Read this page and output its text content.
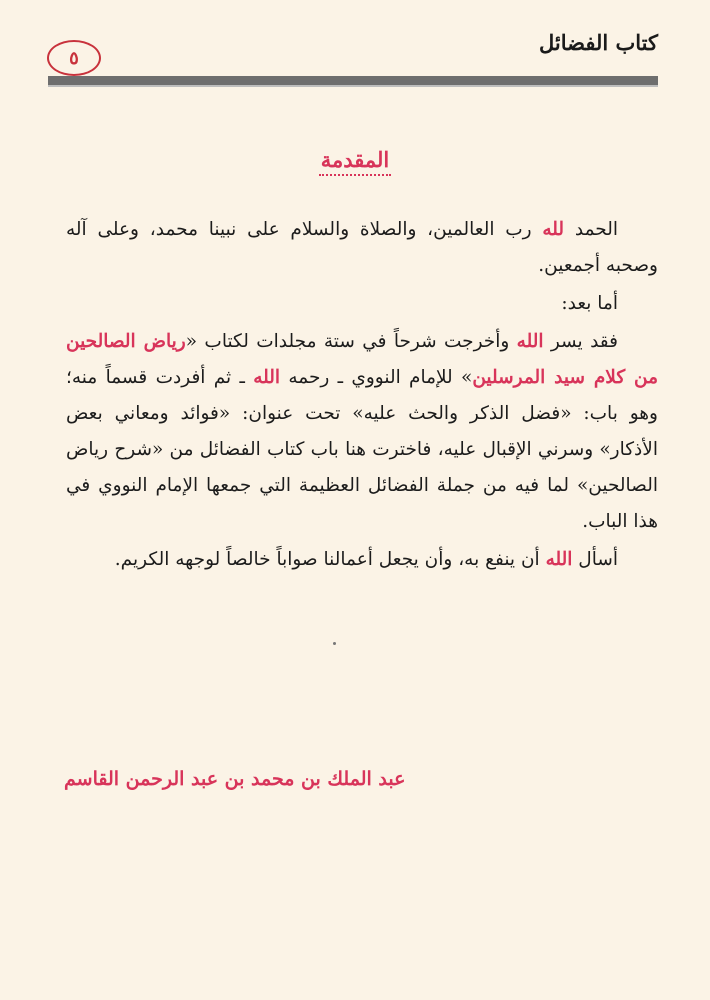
كتاب الفضائل
٥
المقدمة

الحمد لله رب العالمين، والصلاة والسلام على نبينا محمد، وعلى آله وصحبه أجمعين.

أما بعد:

فقد يسر الله وأخرجت شرحاً في ستة مجلدات لكتاب «رياض الصالحين من كلام سيد المرسلين» للإمام النووي ـ رحمه الله ـ ثم أفردت قسماً منه؛ وهو باب: «فضل الذكر والحث عليه» تحت عنوان: «فوائد ومعاني بعض الأذكار» وسرني الإقبال عليه، فاخترت هنا باب كتاب الفضائل من «شرح رياض الصالحين» لما فيه من جملة الفضائل العظيمة التي جمعها الإمام النووي في هذا الباب.

أسأل الله أن ينفع به، وأن يجعل أعمالنا صواباً خالصاً لوجهه الكريم.

عبد الملك بن محمد بن عبد الرحمن القاسم
